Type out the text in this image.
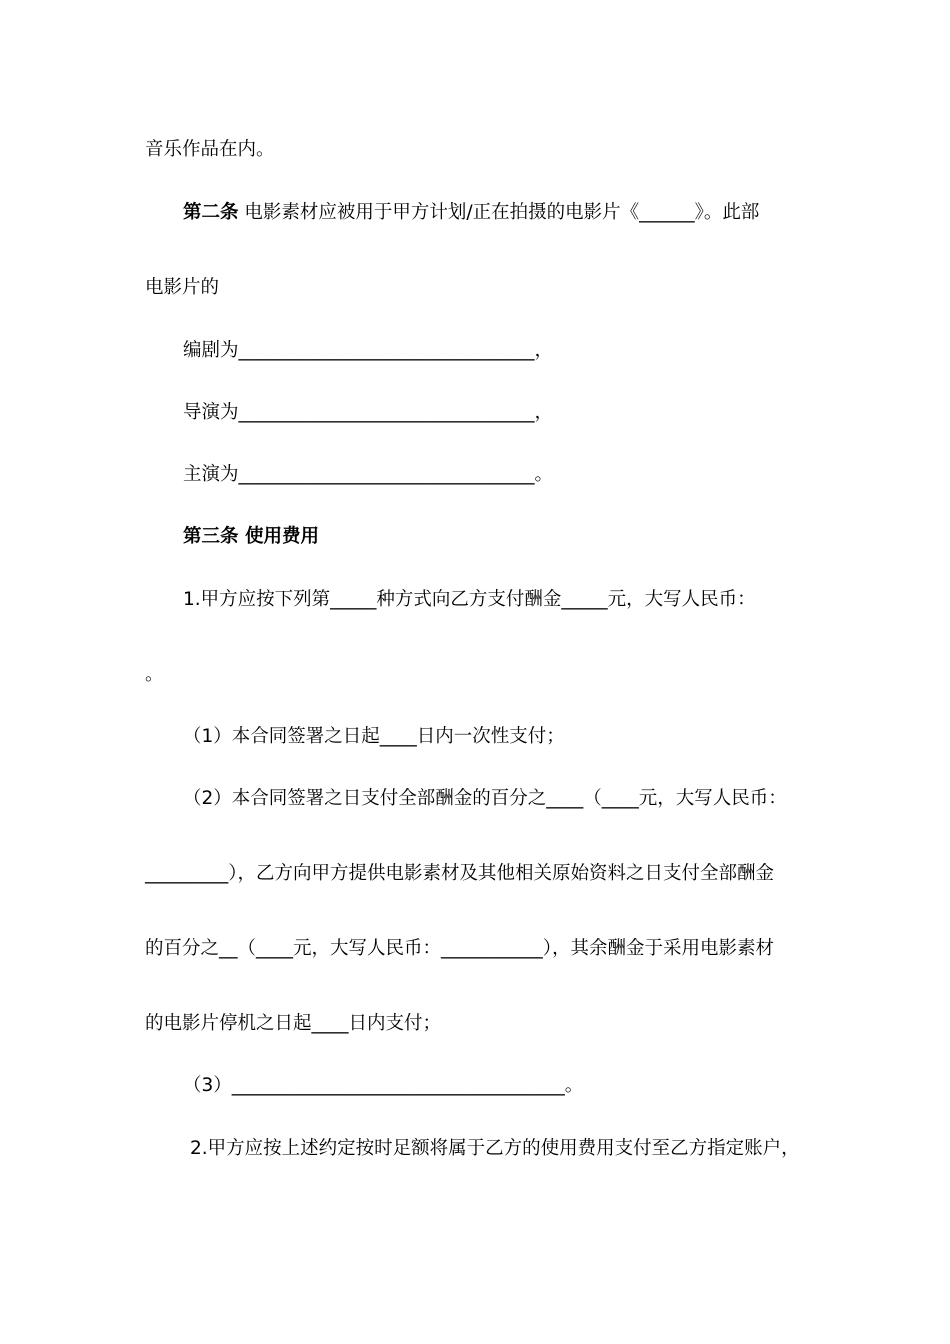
音乐作品在内。
第二条 电影素材应被用于甲方计划/正在拍摄的电影片《______》。此部
电影片的
编剧为________________________________，
导演为________________________________，
主演为________________________________。
第三条 使用费用
1.甲方应按下列第_____种方式向乙方支付酬金_____元，大写人民币：
。
（1）本合同签署之日起____日内一次性支付；
（2）本合同签署之日支付全部酬金的百分之____（____元，大写人民币：
_________），乙方向甲方提供电影素材及其他相关原始资料之日支付全部酬金
的百分之__（____元，大写人民币：___________），其余酬金于采用电影素材
的电影片停机之日起____日内支付；
（3）____________________________________。
2.甲方应按上述约定按时足额将属于乙方的使用费用支付至乙方指定账户，
